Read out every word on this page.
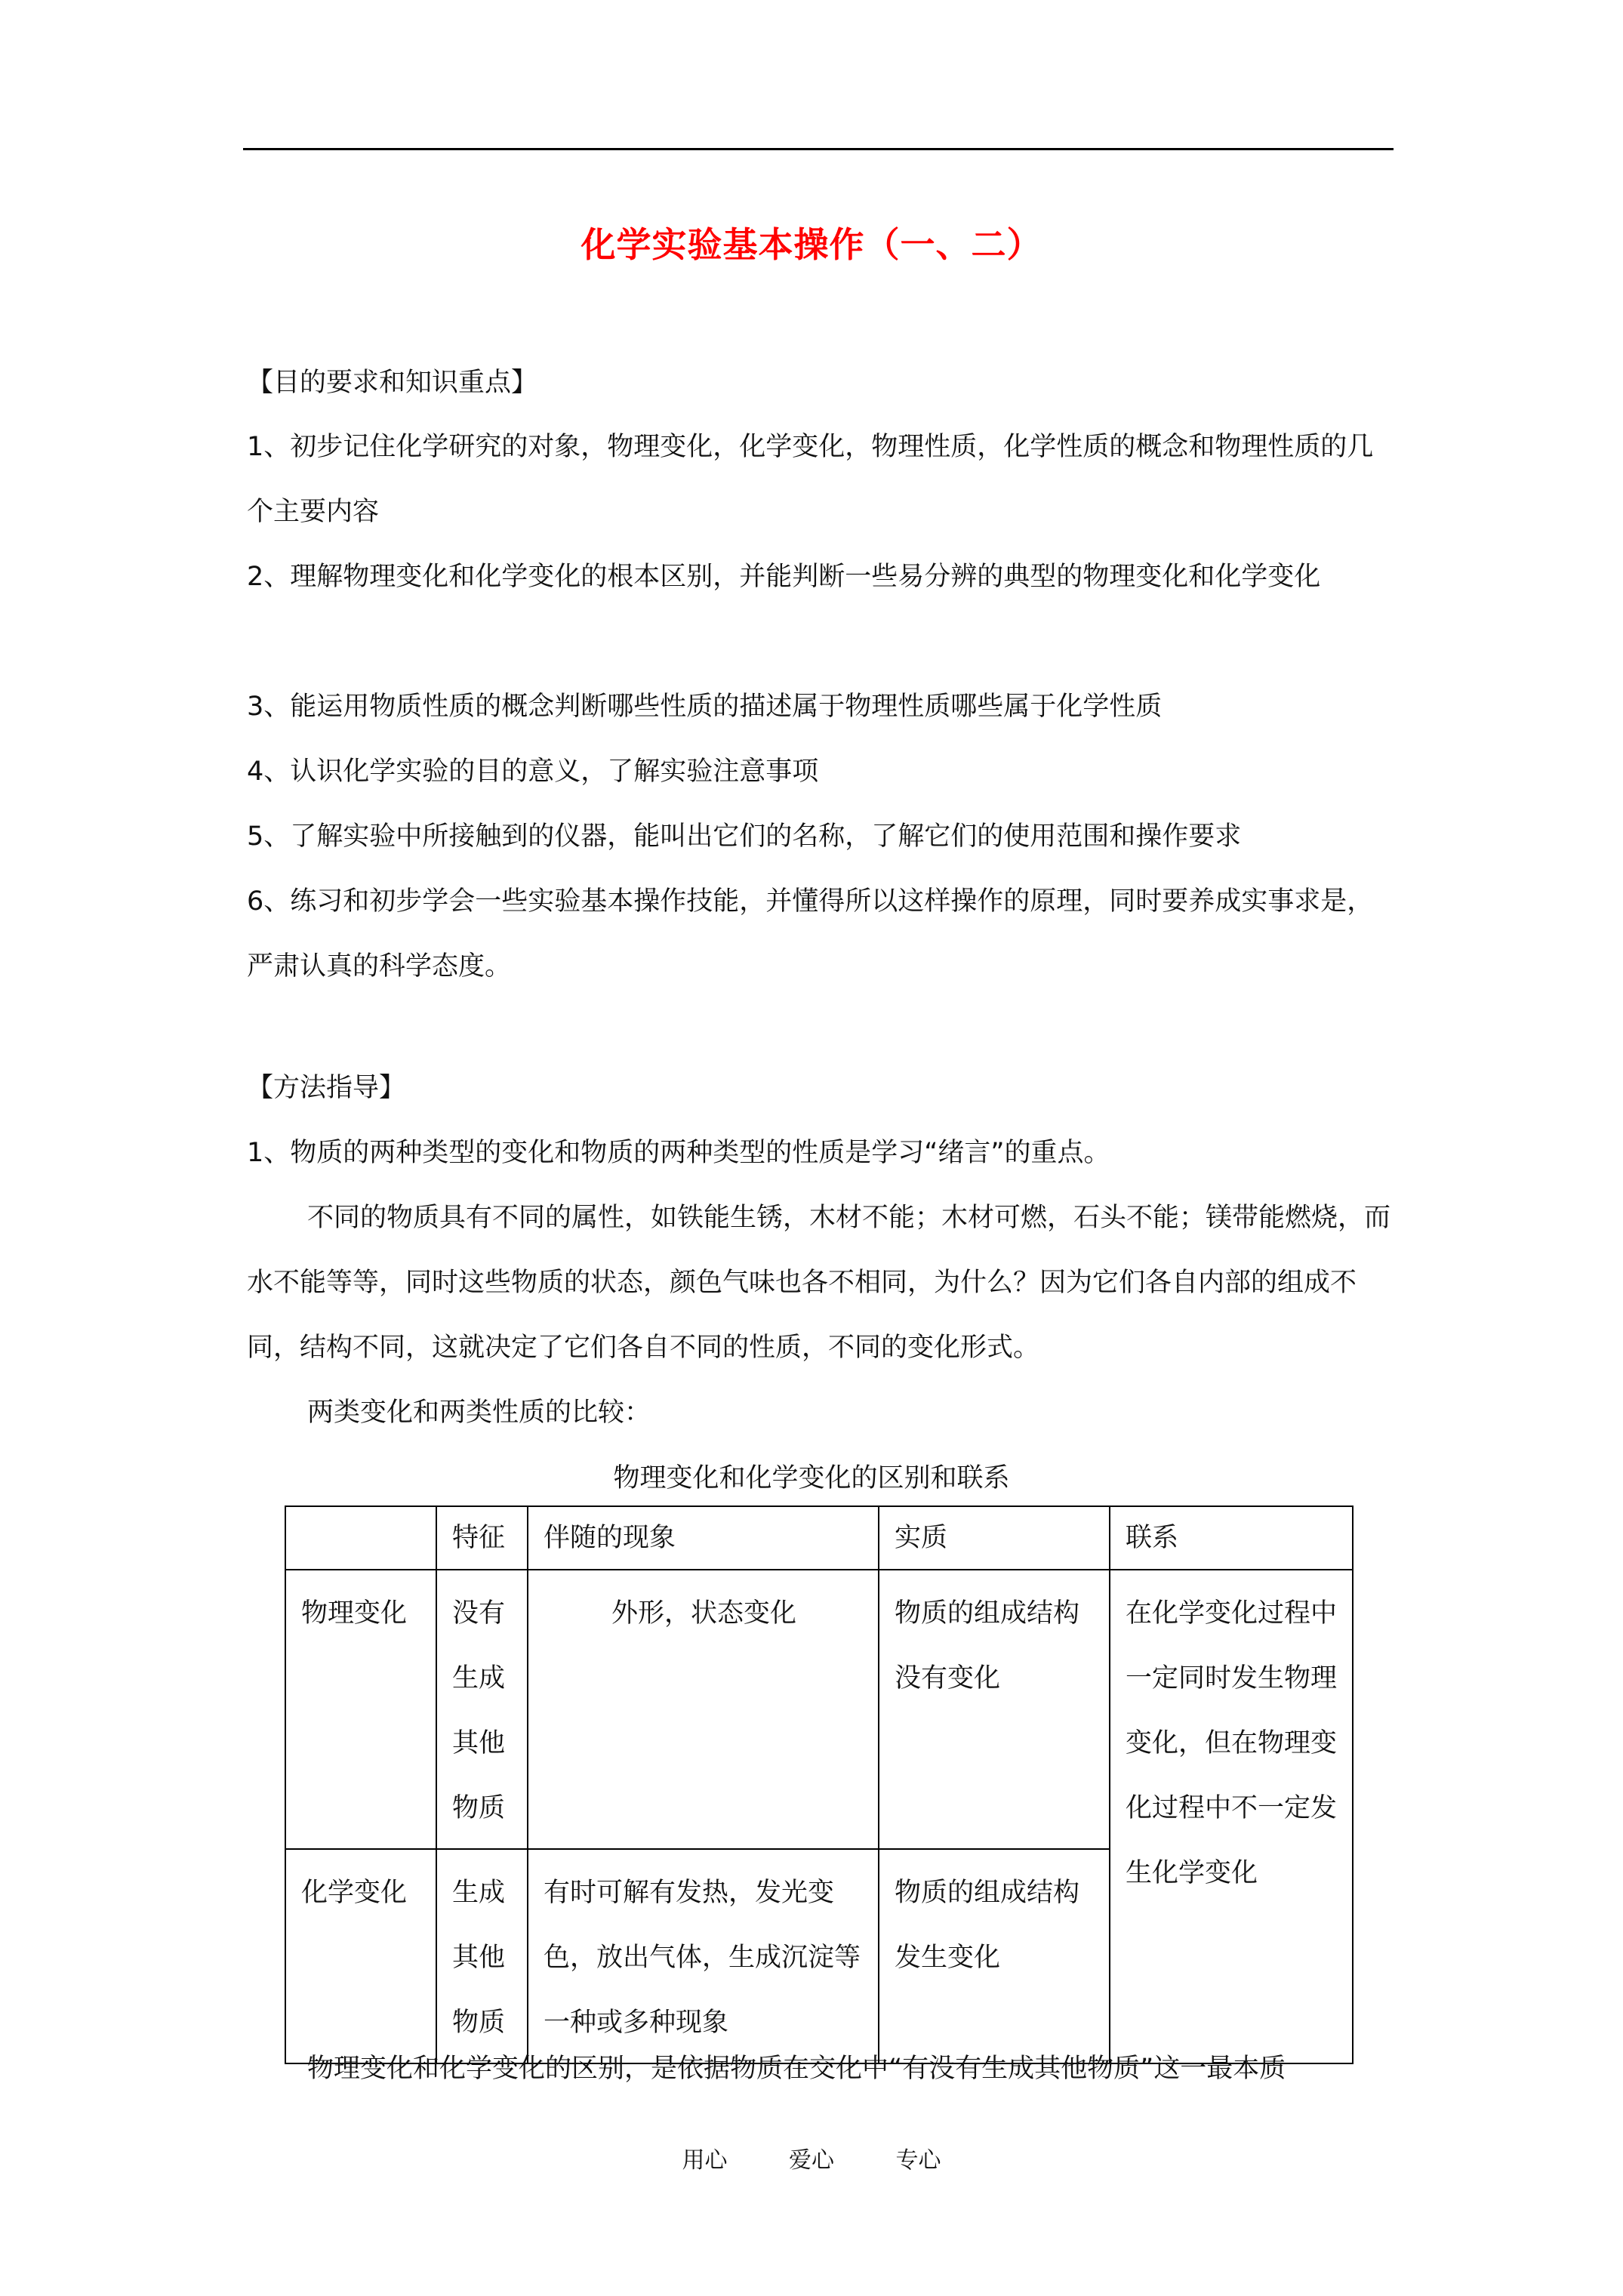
化学实验基本操作（一、二）
【目的要求和知识重点】
1、初步记住化学研究的对象，物理变化，化学变化，物理性质，化学性质的概念和物理性质的几个主要内容
2、理解物理变化和化学变化的根本区别，并能判断一些易分辨的典型的物理变化和化学变化
3、能运用物质性质的概念判断哪些性质的描述属于物理性质哪些属于化学性质
4、认识化学实验的目的意义，了解实验注意事项
5、了解实验中所接触到的仪器，能叫出它们的名称，了解它们的使用范围和操作要求
6、练习和初步学会一些实验基本操作技能，并懂得所以这样操作的原理，同时要养成实事求是，严肃认真的科学态度。
【方法指导】
1、物质的两种类型的变化和物质的两种类型的性质是学习“绪言”的重点。
不同的物质具有不同的属性，如铁能生锈，木材不能；木材可燃，石头不能；镁带能燃烧，而水不能等等，同时这些物质的状态，颜色气味也各不相同，为什么？因为它们各自内部的组成不同，结构不同，这就决定了它们各自不同的性质，不同的变化形式。
两类变化和两类性质的比较：
物理变化和化学变化的区别和联系
	特征	伴随的现象	实质	联系
物理变化	没有生成其他物质	外形，状态变化	物质的组成结构没有变化	在化学变化过程中一定同时发生物理变化，但在物理变化过程中不一定发生化学变化
化学变化	生成其他物质	有时可解有发热，发光变色，放出气体，生成沉淀等一种或多种现象	物质的组成结构发生变化	
物理变化和化学变化的区别，是依据物质在交化中“有没有生成其他物质”这一最本质
用心	爱心	专心
